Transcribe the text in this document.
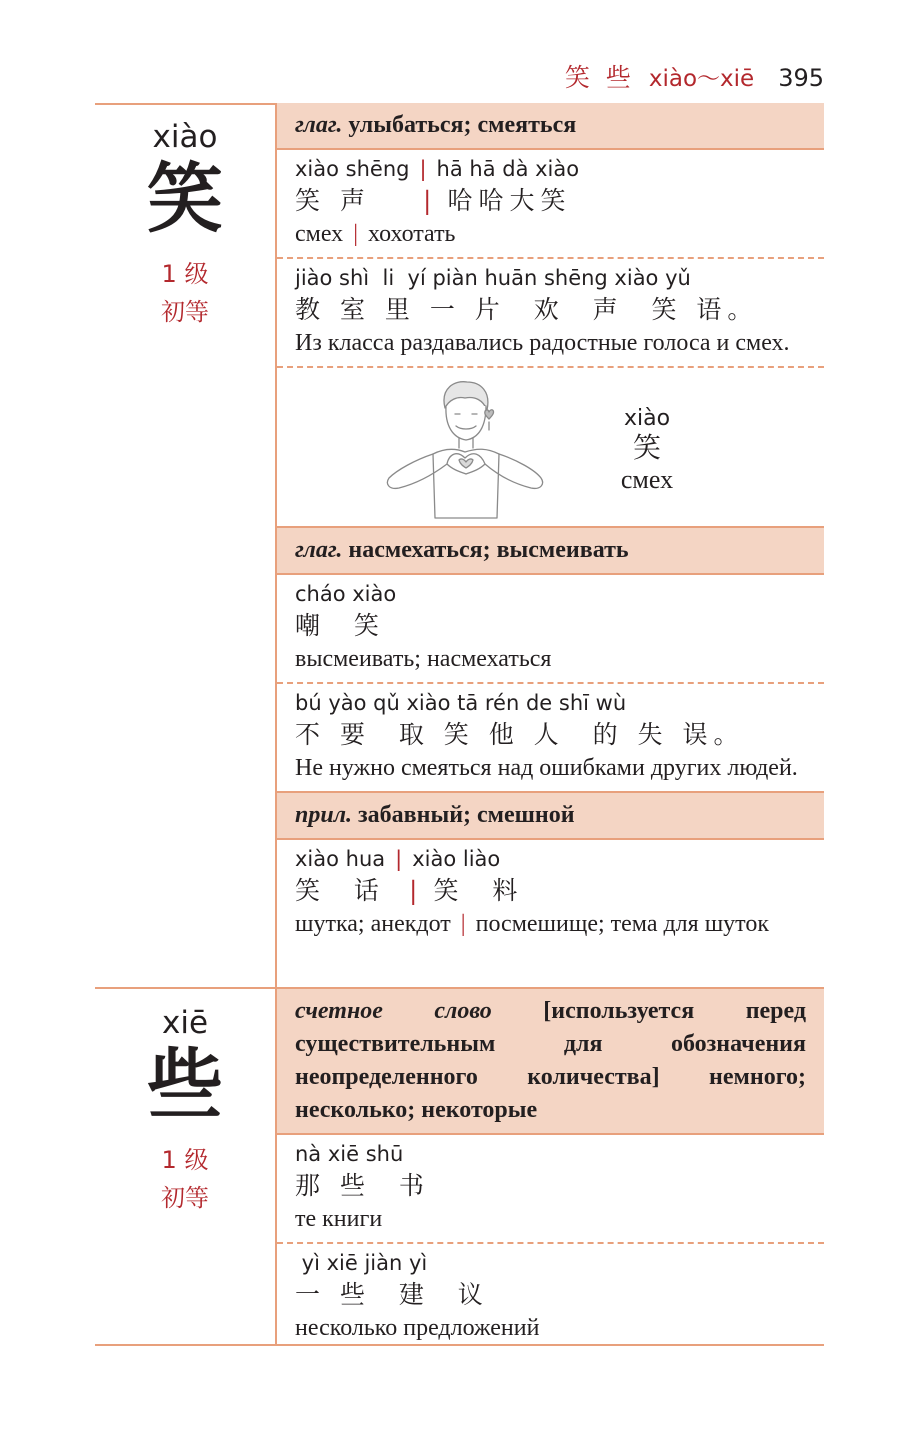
笑 些 xiào～xiē 395
xiào
笑
1 级
初等
глаг. улыбаться; смеяться
xiào shēng | hā hā dà xiào
笑 声 | 哈哈大笑
смех | хохотать
jiào shì  li  yí piàn huān shēng xiào yǔ
教 室 里 一 片  欢  声  笑 语。
Из класса раздавались радостные голоса и смех.
xiào
笑
смех
глаг. насмехаться; высмеивать
cháo xiào
嘲  笑
высмеивать; насмехаться
bú yào qǔ xiào tā rén de shī wù
不 要  取 笑 他 人  的 失 误。
Не нужно смеяться над ошибками других людей.
прил. забавный; смешной
xiào hua | xiào liào
笑  话 | 笑  料
шутка; анекдот | посмешище; тема для шуток
xiē
些
1 级
初等
счетное слово [используется перед существительным для обозначения неопределенного количества] немного; несколько; некоторые
nà xiē shū
那 些  书
те книги
yì xiē jiàn yì
一 些  建  议
несколько предложений
